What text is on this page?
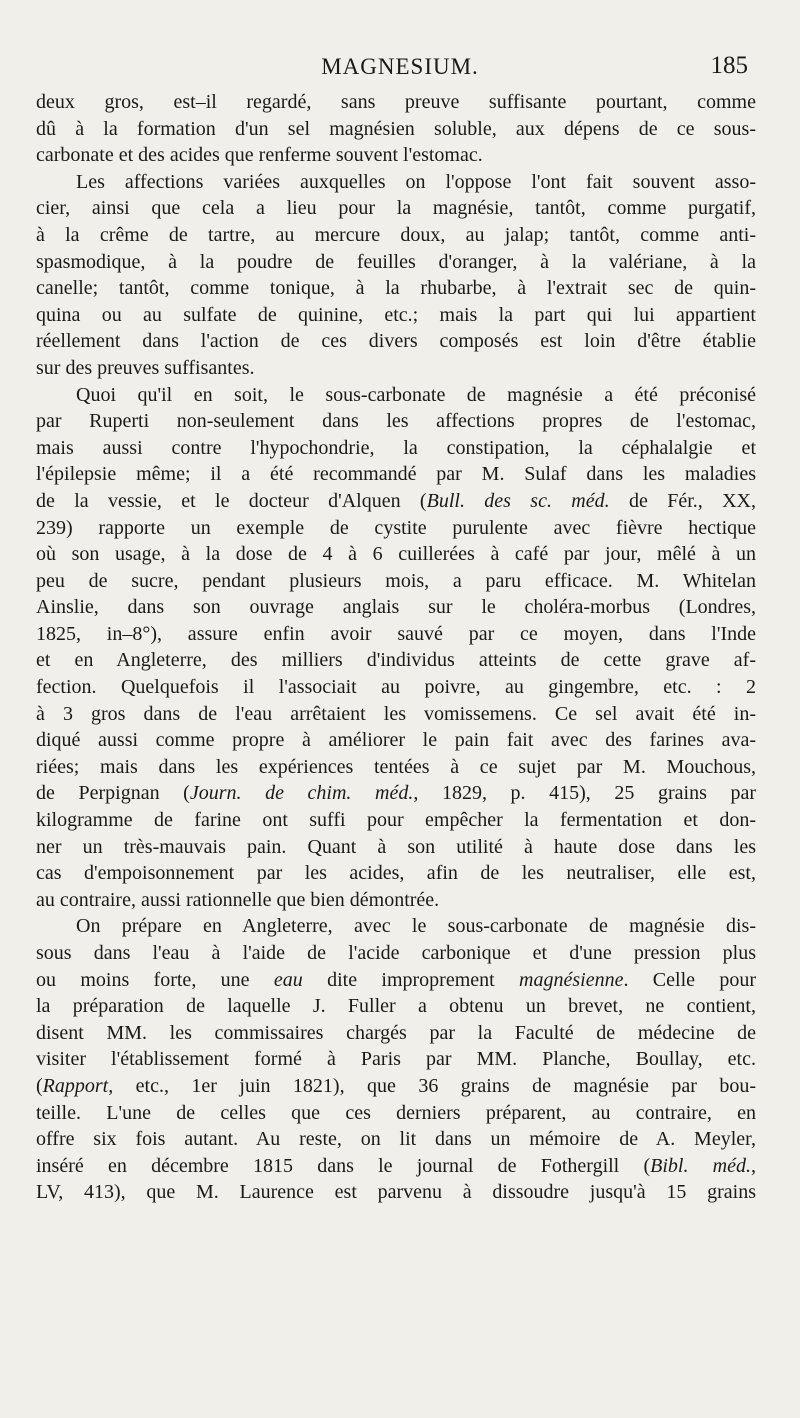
MAGNESIUM.	185
deux gros, est–il regardé, sans preuve suffisante pourtant, comme
dû à la formation d'un sel magnésien soluble, aux dépens de ce sous-
carbonate et des acides que renferme souvent l'estomac.
Les affections variées auxquelles on l'oppose l'ont fait souvent asso-
cier, ainsi que cela a lieu pour la magnésie, tantôt, comme purgatif,
à la crême de tartre, au mercure doux, au jalap; tantôt, comme anti-
spasmodique, à la poudre de feuilles d'oranger, à la valériane, à la
canelle; tantôt, comme tonique, à la rhubarbe, à l'extrait sec de quin-
quina ou au sulfate de quinine, etc.; mais la part qui lui appartient
réellement dans l'action de ces divers composés est loin d'être établie
sur des preuves suffisantes.
Quoi qu'il en soit, le sous-carbonate de magnésie a été préconisé
par Ruperti non-seulement dans les affections propres de l'estomac,
mais aussi contre l'hypochondrie, la constipation, la céphalalgie et
l'épilepsie même; il a été recommandé par M. Sulaf dans les maladies
de la vessie, et le docteur d'Alquen (Bull. des sc. méd. de Fér., XX,
239) rapporte un exemple de cystite purulente avec fièvre hectique
où son usage, à la dose de 4 à 6 cuillerées à café par jour, mêlé à un
peu de sucre, pendant plusieurs mois, a paru efficace. M. Whitelan
Ainslie, dans son ouvrage anglais sur le choléra-morbus (Londres,
1825, in–8°), assure enfin avoir sauvé par ce moyen, dans l'Inde
et en Angleterre, des milliers d'individus atteints de cette grave af-
fection. Quelquefois il l'associait au poivre, au gingembre, etc. : 2
à 3 gros dans de l'eau arrêtaient les vomissemens. Ce sel avait été in-
diqué aussi comme propre à améliorer le pain fait avec des farines ava-
riées; mais dans les expériences tentées à ce sujet par M. Mouchous,
de Perpignan (Journ. de chim. méd., 1829, p. 415), 25 grains par
kilogramme de farine ont suffi pour empêcher la fermentation et don-
ner un très-mauvais pain. Quant à son utilité à haute dose dans les
cas d'empoisonnement par les acides, afin de les neutraliser, elle est,
au contraire, aussi rationnelle que bien démontrée.
On prépare en Angleterre, avec le sous-carbonate de magnésie dis-
sous dans l'eau à l'aide de l'acide carbonique et d'une pression plus
ou moins forte, une eau dite improprement magnésienne. Celle pour
la préparation de laquelle J. Fuller a obtenu un brevet, ne contient,
disent MM. les commissaires chargés par la Faculté de médecine de
visiter l'établissement formé à Paris par MM. Planche, Boullay, etc.
(Rapport, etc., 1er juin 1821), que 36 grains de magnésie par bou-
teille. L'une de celles que ces derniers préparent, au contraire, en
offre six fois autant. Au reste, on lit dans un mémoire de A. Meyler,
inséré en décembre 1815 dans le journal de Fothergill (Bibl. méd.,
LV, 413), que M. Laurence est parvenu à dissoudre jusqu'à 15 grains
